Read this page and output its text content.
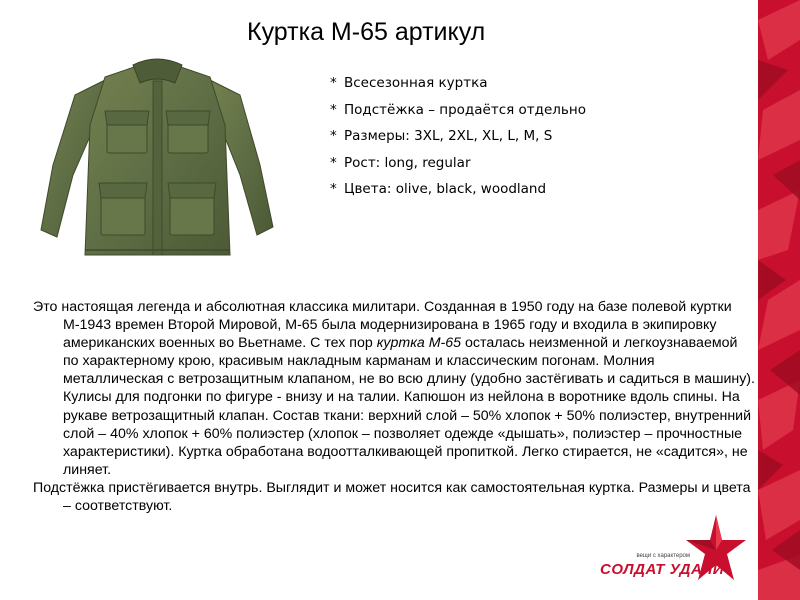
Куртка М-65 артикул
* Всесезонная куртка
* Подстёжка – продаётся отдельно
* Размеры: 3XL, 2XL, XL, L, M, S
* Рост: long, regular
* Цвета: olive, black, woodland

Это настоящая легенда и абсолютная классика милитари. Созданная в 1950 году на базе полевой куртки М-1943 времен Второй Мировой, М-65 была модернизирована в 1965 году и входила в экипировку американских военных во Вьетнаме. С тех пор куртка М-65 осталась неизменной и легкоузнаваемой по характерному крою, красивым накладным карманам и классическим погонам. Молния металлическая с ветрозащитным клапаном, не во всю длину (удобно застёгивать и садиться в машину). Кулисы для подгонки по фигуре - внизу и на талии. Капюшон из нейлона в воротнике вдоль спины. На рукаве ветрозащитный клапан. Состав ткани: верхний слой – 50% хлопок + 50% полиэстер, внутренний слой – 40% хлопок + 60% полиэстер (хлопок – позволяет одежде «дышать», полиэстер – прочностные характеристики). Куртка обработана водоотталкивающей пропиткой. Легко стирается, не «садится», не линяет.

Подстёжка пристёгивается внутрь. Выглядит и может носится как самостоятельная куртка. Размеры и цвета – соответствуют.

вещи с характером
СОЛДАТ УДАЧИ
